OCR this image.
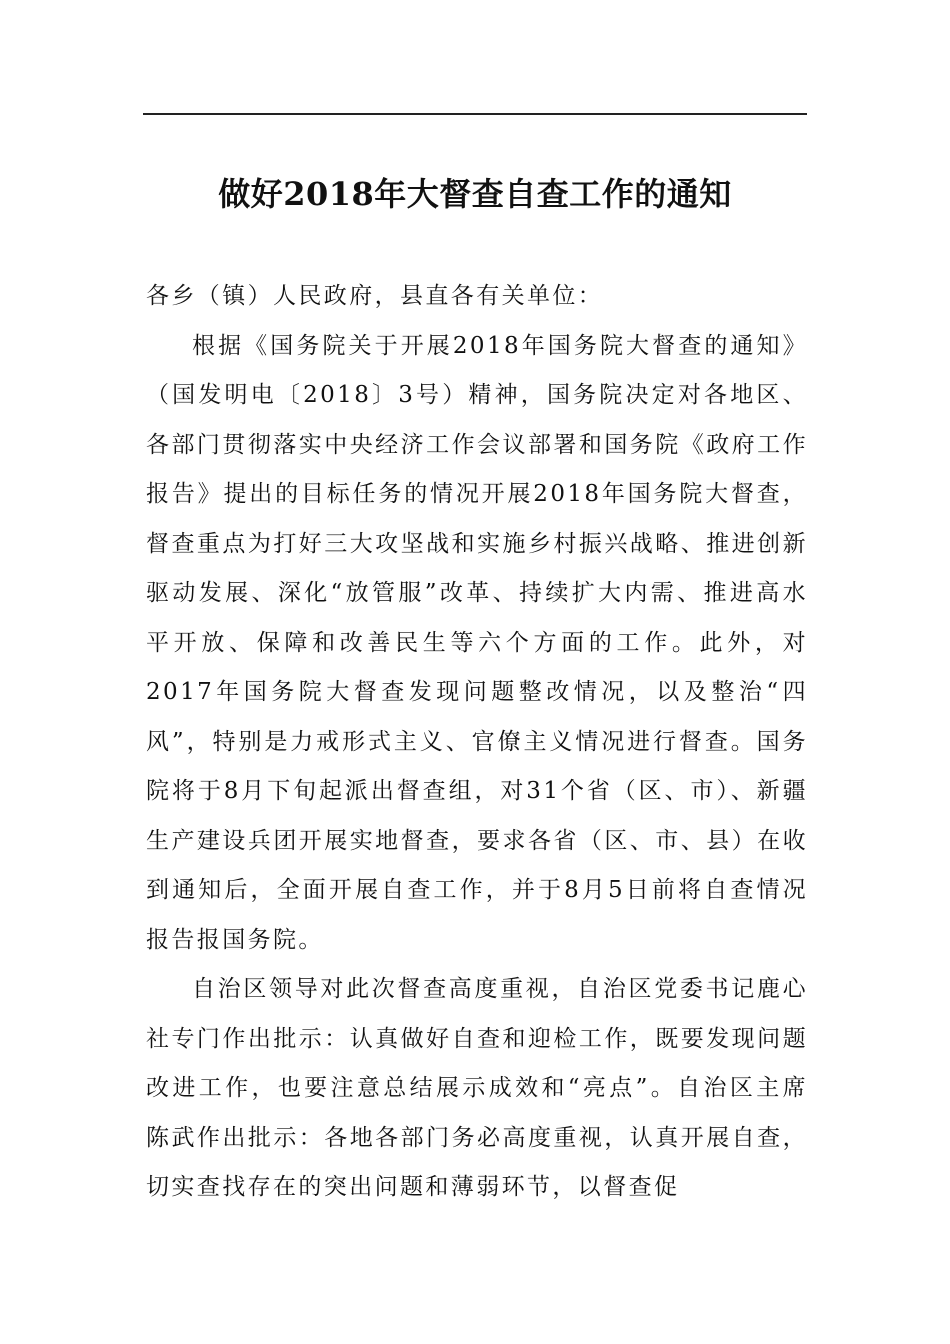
做好2018年大督查自查工作的通知

各乡（镇）人民政府，县直各有关单位：

根据《国务院关于开展2018年国务院大督查的通知》（国发明电〔2018〕3号）精神，国务院决定对各地区、各部门贯彻落实中央经济工作会议部署和国务院《政府工作报告》提出的目标任务的情况开展2018年国务院大督查，督查重点为打好三大攻坚战和实施乡村振兴战略、推进创新驱动发展、深化“放管服”改革、持续扩大内需、推进高水平开放、保障和改善民生等六个方面的工作。此外，对2017年国务院大督查发现问题整改情况，以及整治“四风”，特别是力戒形式主义、官僚主义情况进行督查。国务院将于8月下旬起派出督查组，对31个省（区、市）、新疆生产建设兵团开展实地督查，要求各省（区、市、县）在收到通知后，全面开展自查工作，并于8月5日前将自查情况报告报国务院。

自治区领导对此次督查高度重视，自治区党委书记鹿心社专门作出批示：认真做好自查和迎检工作，既要发现问题改进工作，也要注意总结展示成效和“亮点”。自治区主席陈武作出批示：各地各部门务必高度重视，认真开展自查，切实查找存在的突出问题和薄弱环节，以督查促
